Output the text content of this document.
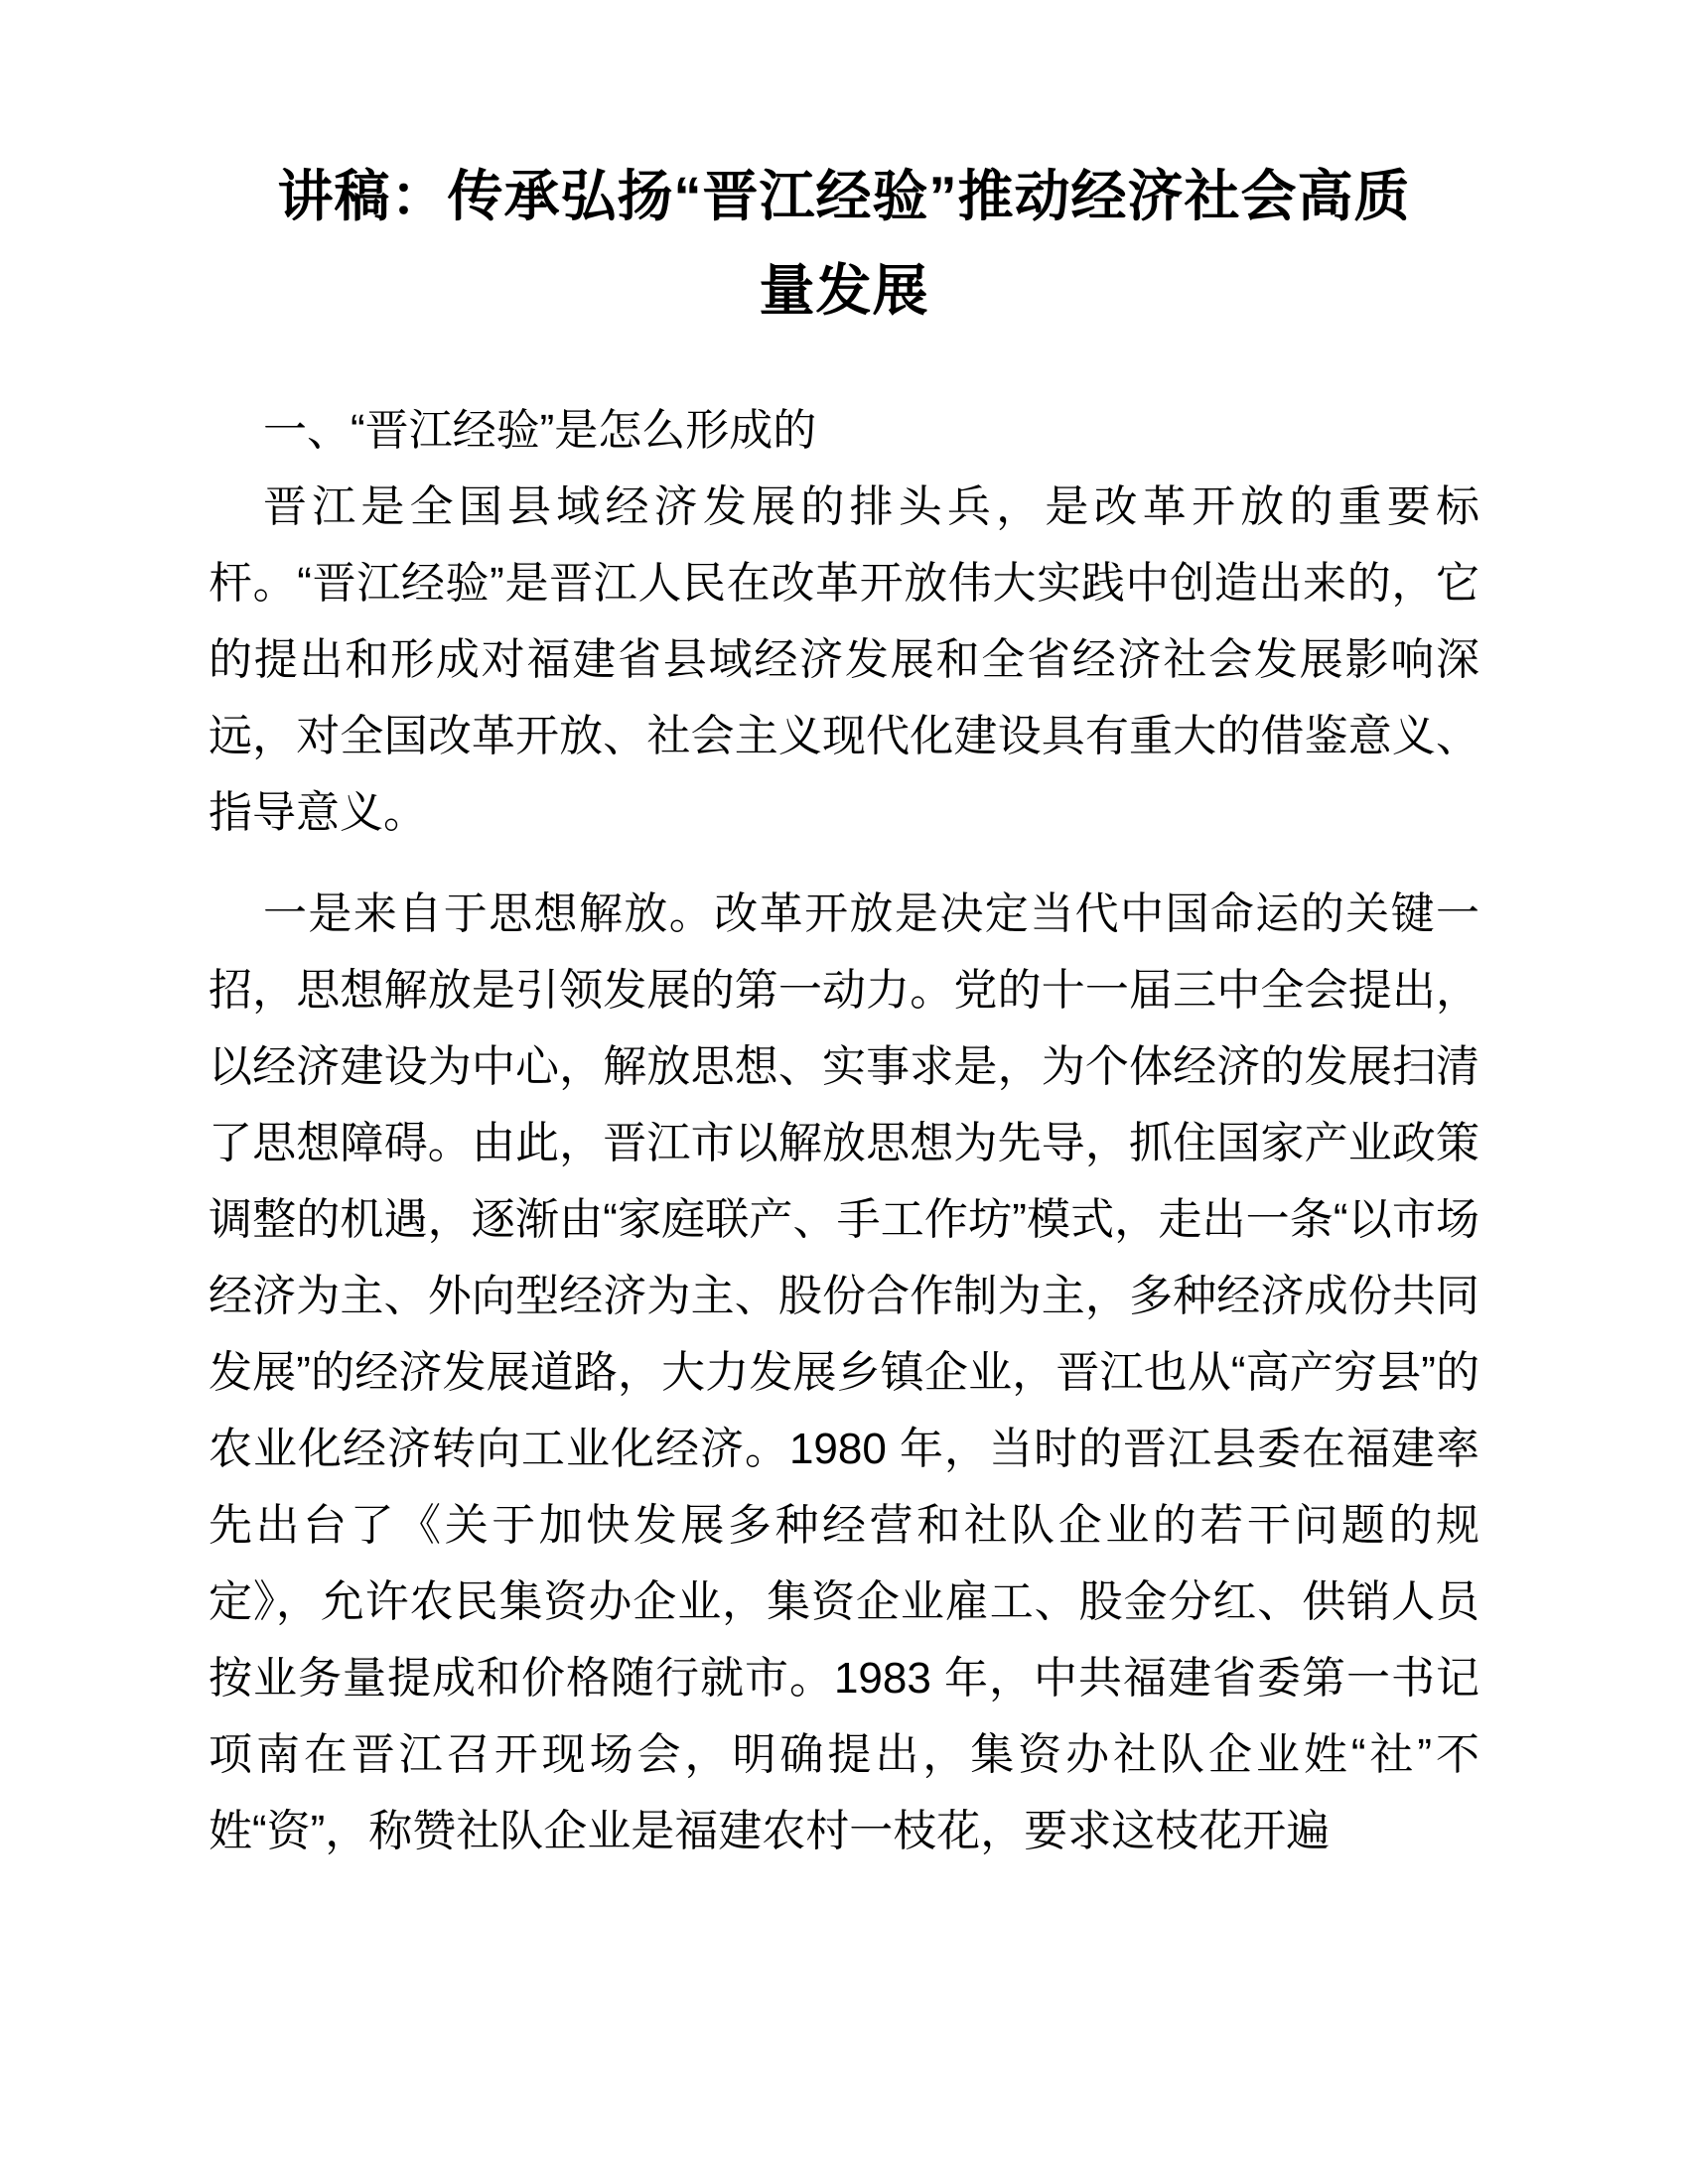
讲稿：传承弘扬“晋江经验”推动经济社会高质量发展

一、“晋江经验”是怎么形成的

晋江是全国县域经济发展的排头兵，是改革开放的重要标杆。“晋江经验”是晋江人民在改革开放伟大实践中创造出来的，它的提出和形成对福建省县域经济发展和全省经济社会发展影响深远，对全国改革开放、社会主义现代化建设具有重大的借鉴意义、指导意义。

一是来自于思想解放。改革开放是决定当代中国命运的关键一招，思想解放是引领发展的第一动力。党的十一届三中全会提出，以经济建设为中心，解放思想、实事求是，为个体经济的发展扫清了思想障碍。由此，晋江市以解放思想为先导，抓住国家产业政策调整的机遇，逐渐由“家庭联产、手工作坊”模式，走出一条“以市场经济为主、外向型经济为主、股份合作制为主，多种经济成份共同发展”的经济发展道路，大力发展乡镇企业，晋江也从“高产穷县”的农业化经济转向工业化经济。1980 年，当时的晋江县委在福建率先出台了《关于加快发展多种经营和社队企业的若干问题的规定》，允许农民集资办企业，集资企业雇工、股金分红、供销人员按业务量提成和价格随行就市。1983 年，中共福建省委第一书记项南在晋江召开现场会，明确提出，集资办社队企业姓“社”不姓“资”，称赞社队企业是福建农村一枝花，要求这枝花开遍
